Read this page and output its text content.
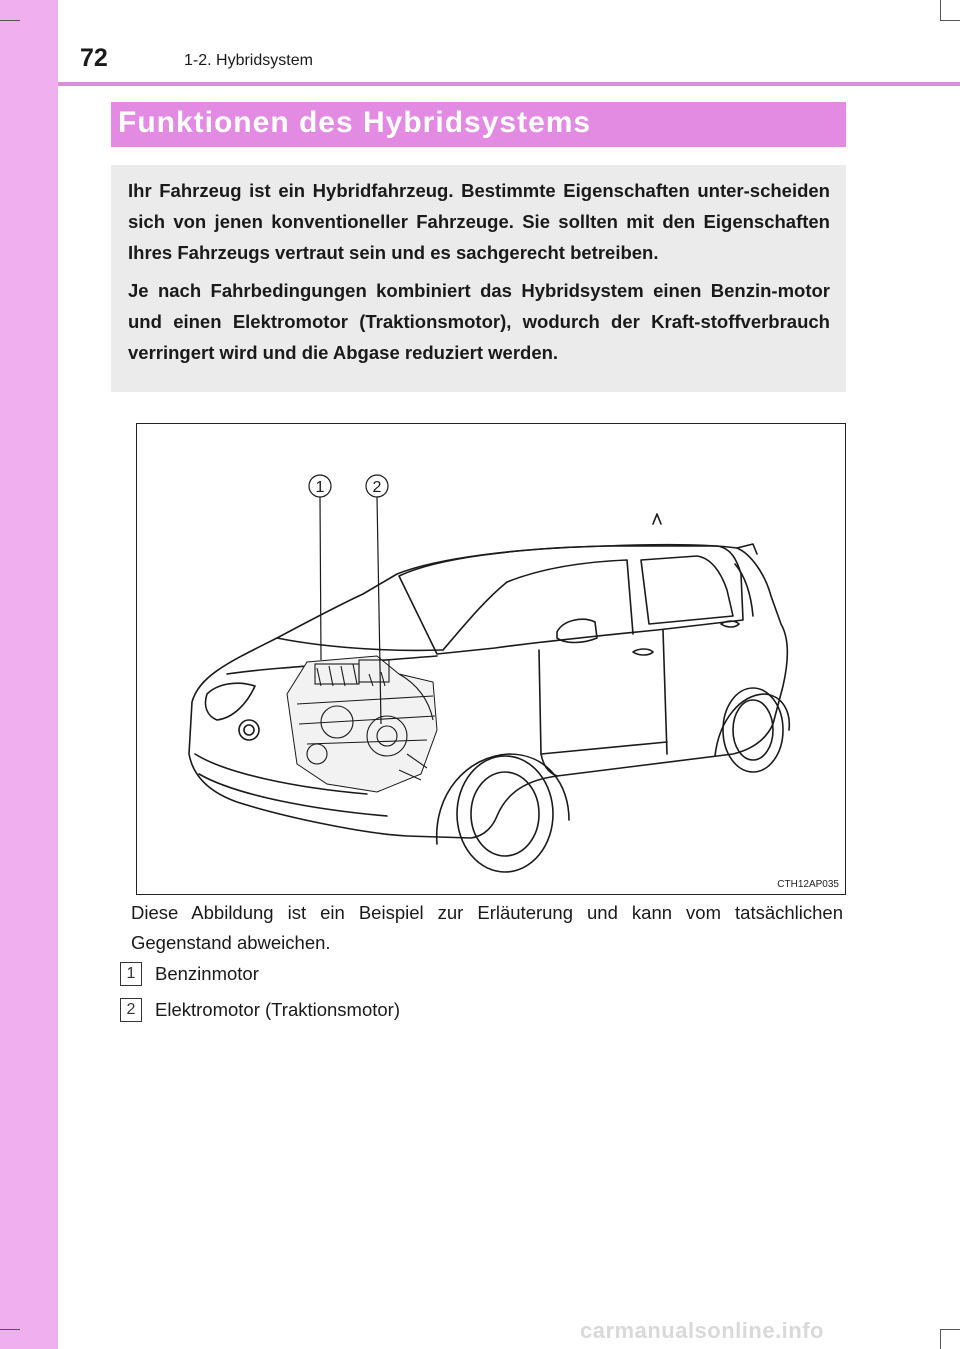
72	1-2. Hybridsystem
Funktionen des Hybridsystems

Ihr Fahrzeug ist ein Hybridfahrzeug. Bestimmte Eigenschaften unter-scheiden sich von jenen konventioneller Fahrzeuge. Sie sollten mit den Eigenschaften Ihres Fahrzeugs vertraut sein und es sachgerecht betreiben.

Je nach Fahrbedingungen kombiniert das Hybridsystem einen Benzin-motor und einen Elektromotor (Traktionsmotor), wodurch der Kraft-stoffverbrauch verringert wird und die Abgase reduziert werden.

1	2
CTH12AP035
Diese Abbildung ist ein Beispiel zur Erläuterung und kann vom tatsächlichen Gegenstand abweichen.
1	Benzinmotor
2	Elektromotor (Traktionsmotor)
carmanualsonline.info
